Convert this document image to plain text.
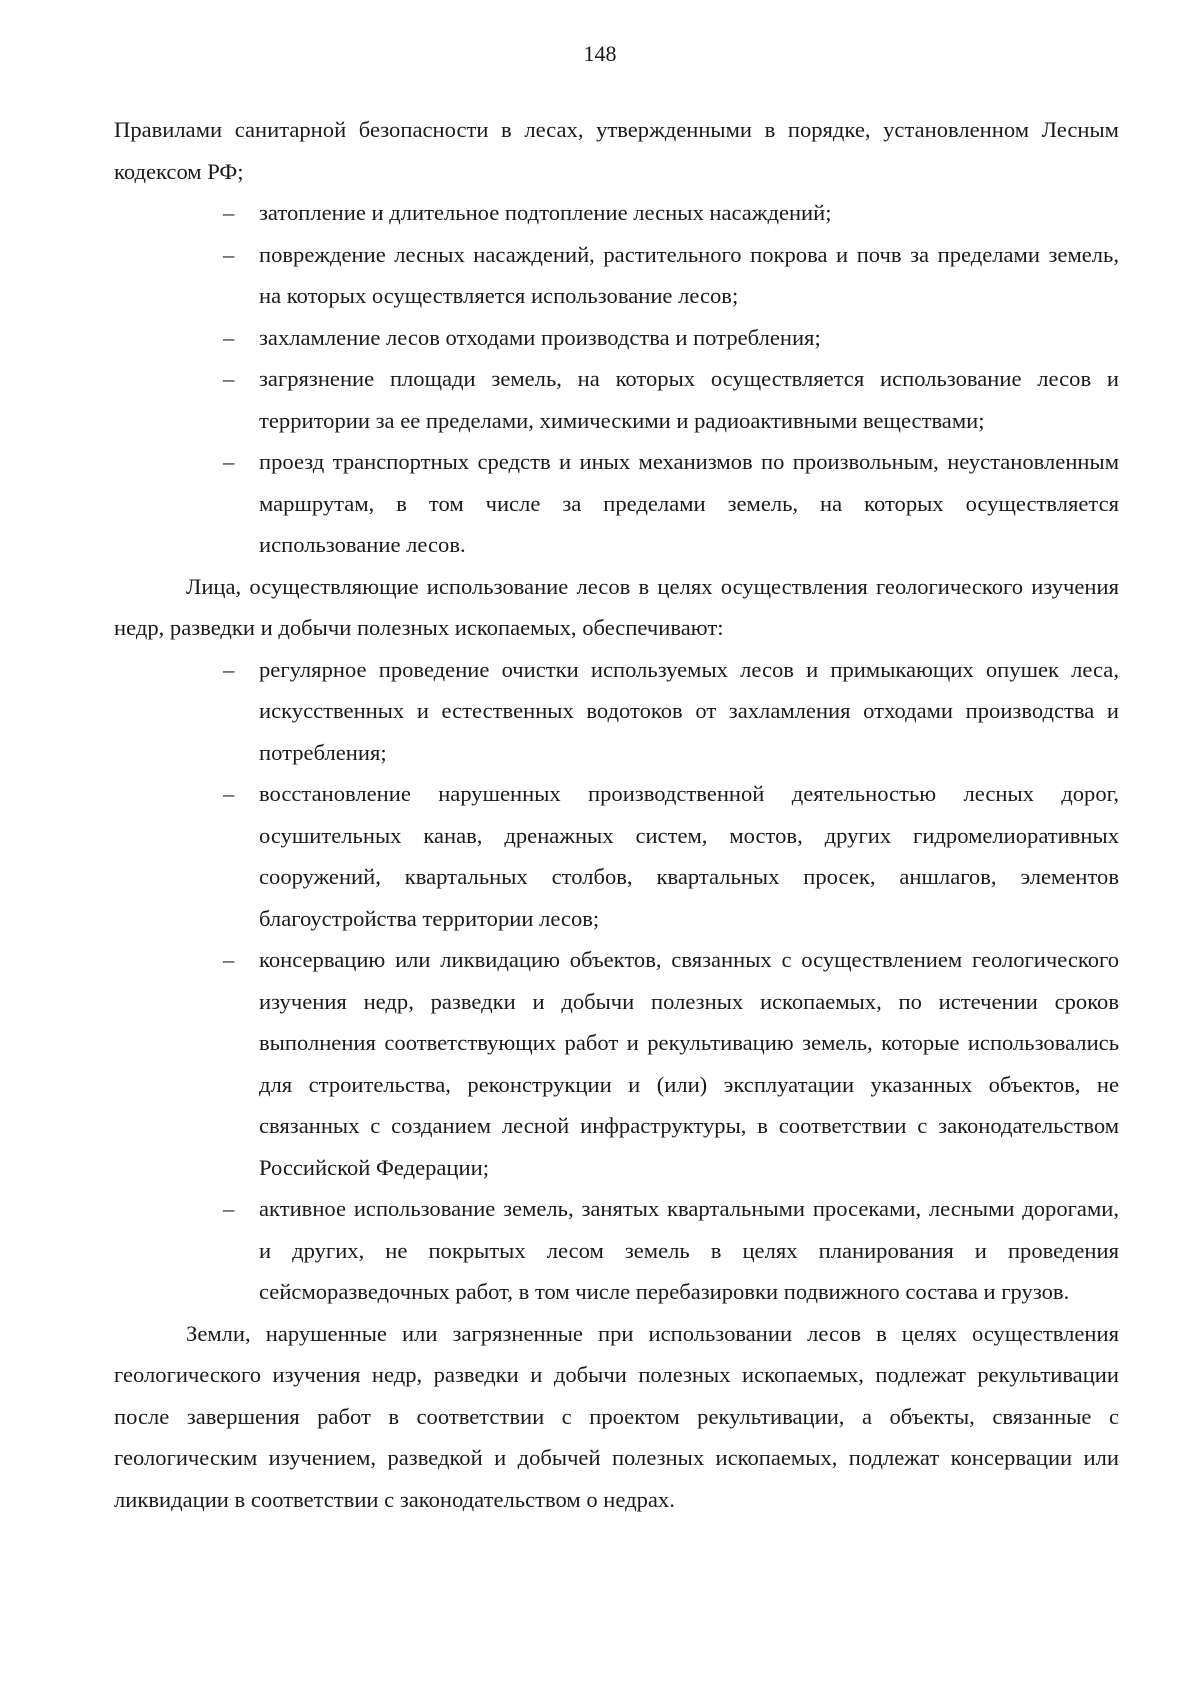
148

Правилами санитарной безопасности в лесах, утвержденными в порядке, установленном Лесным кодексом РФ;

– затопление и длительное подтопление лесных насаждений;

– повреждение лесных насаждений, растительного покрова и почв за пределами земель, на которых осуществляется использование лесов;

– захламление лесов отходами производства и потребления;

– загрязнение площади земель, на которых осуществляется использование лесов и территории за ее пределами, химическими и радиоактивными веществами;

– проезд транспортных средств и иных механизмов по произвольным, неустановленным маршрутам, в том числе за пределами земель, на которых осуществляется использование лесов.

Лица, осуществляющие использование лесов в целях осуществления геологического изучения недр, разведки и добычи полезных ископаемых, обеспечивают:

– регулярное проведение очистки используемых лесов и примыкающих опушек леса, искусственных и естественных водотоков от захламления отходами производства и потребления;

– восстановление нарушенных производственной деятельностью лесных дорог, осушительных канав, дренажных систем, мостов, других гидромелиоративных сооружений, квартальных столбов, квартальных просек, аншлагов, элементов благоустройства территории лесов;

– консервацию или ликвидацию объектов, связанных с осуществлением геологического изучения недр, разведки и добычи полезных ископаемых, по истечении сроков выполнения соответствующих работ и рекультивацию земель, которые использовались для строительства, реконструкции и (или) эксплуатации указанных объектов, не связанных с созданием лесной инфраструктуры, в соответствии с законодательством Российской Федерации;

– активное использование земель, занятых квартальными просеками, лесными дорогами, и других, не покрытых лесом земель в целях планирования и проведения сейсморазведочных работ, в том числе перебазировки подвижного состава и грузов.

Земли, нарушенные или загрязненные при использовании лесов в целях осуществления геологического изучения недр, разведки и добычи полезных ископаемых, подлежат рекультивации после завершения работ в соответствии с проектом рекультивации, а объекты, связанные с геологическим изучением, разведкой и добычей полезных ископаемых, подлежат консервации или ликвидации в соответствии с законодательством о недрах.
